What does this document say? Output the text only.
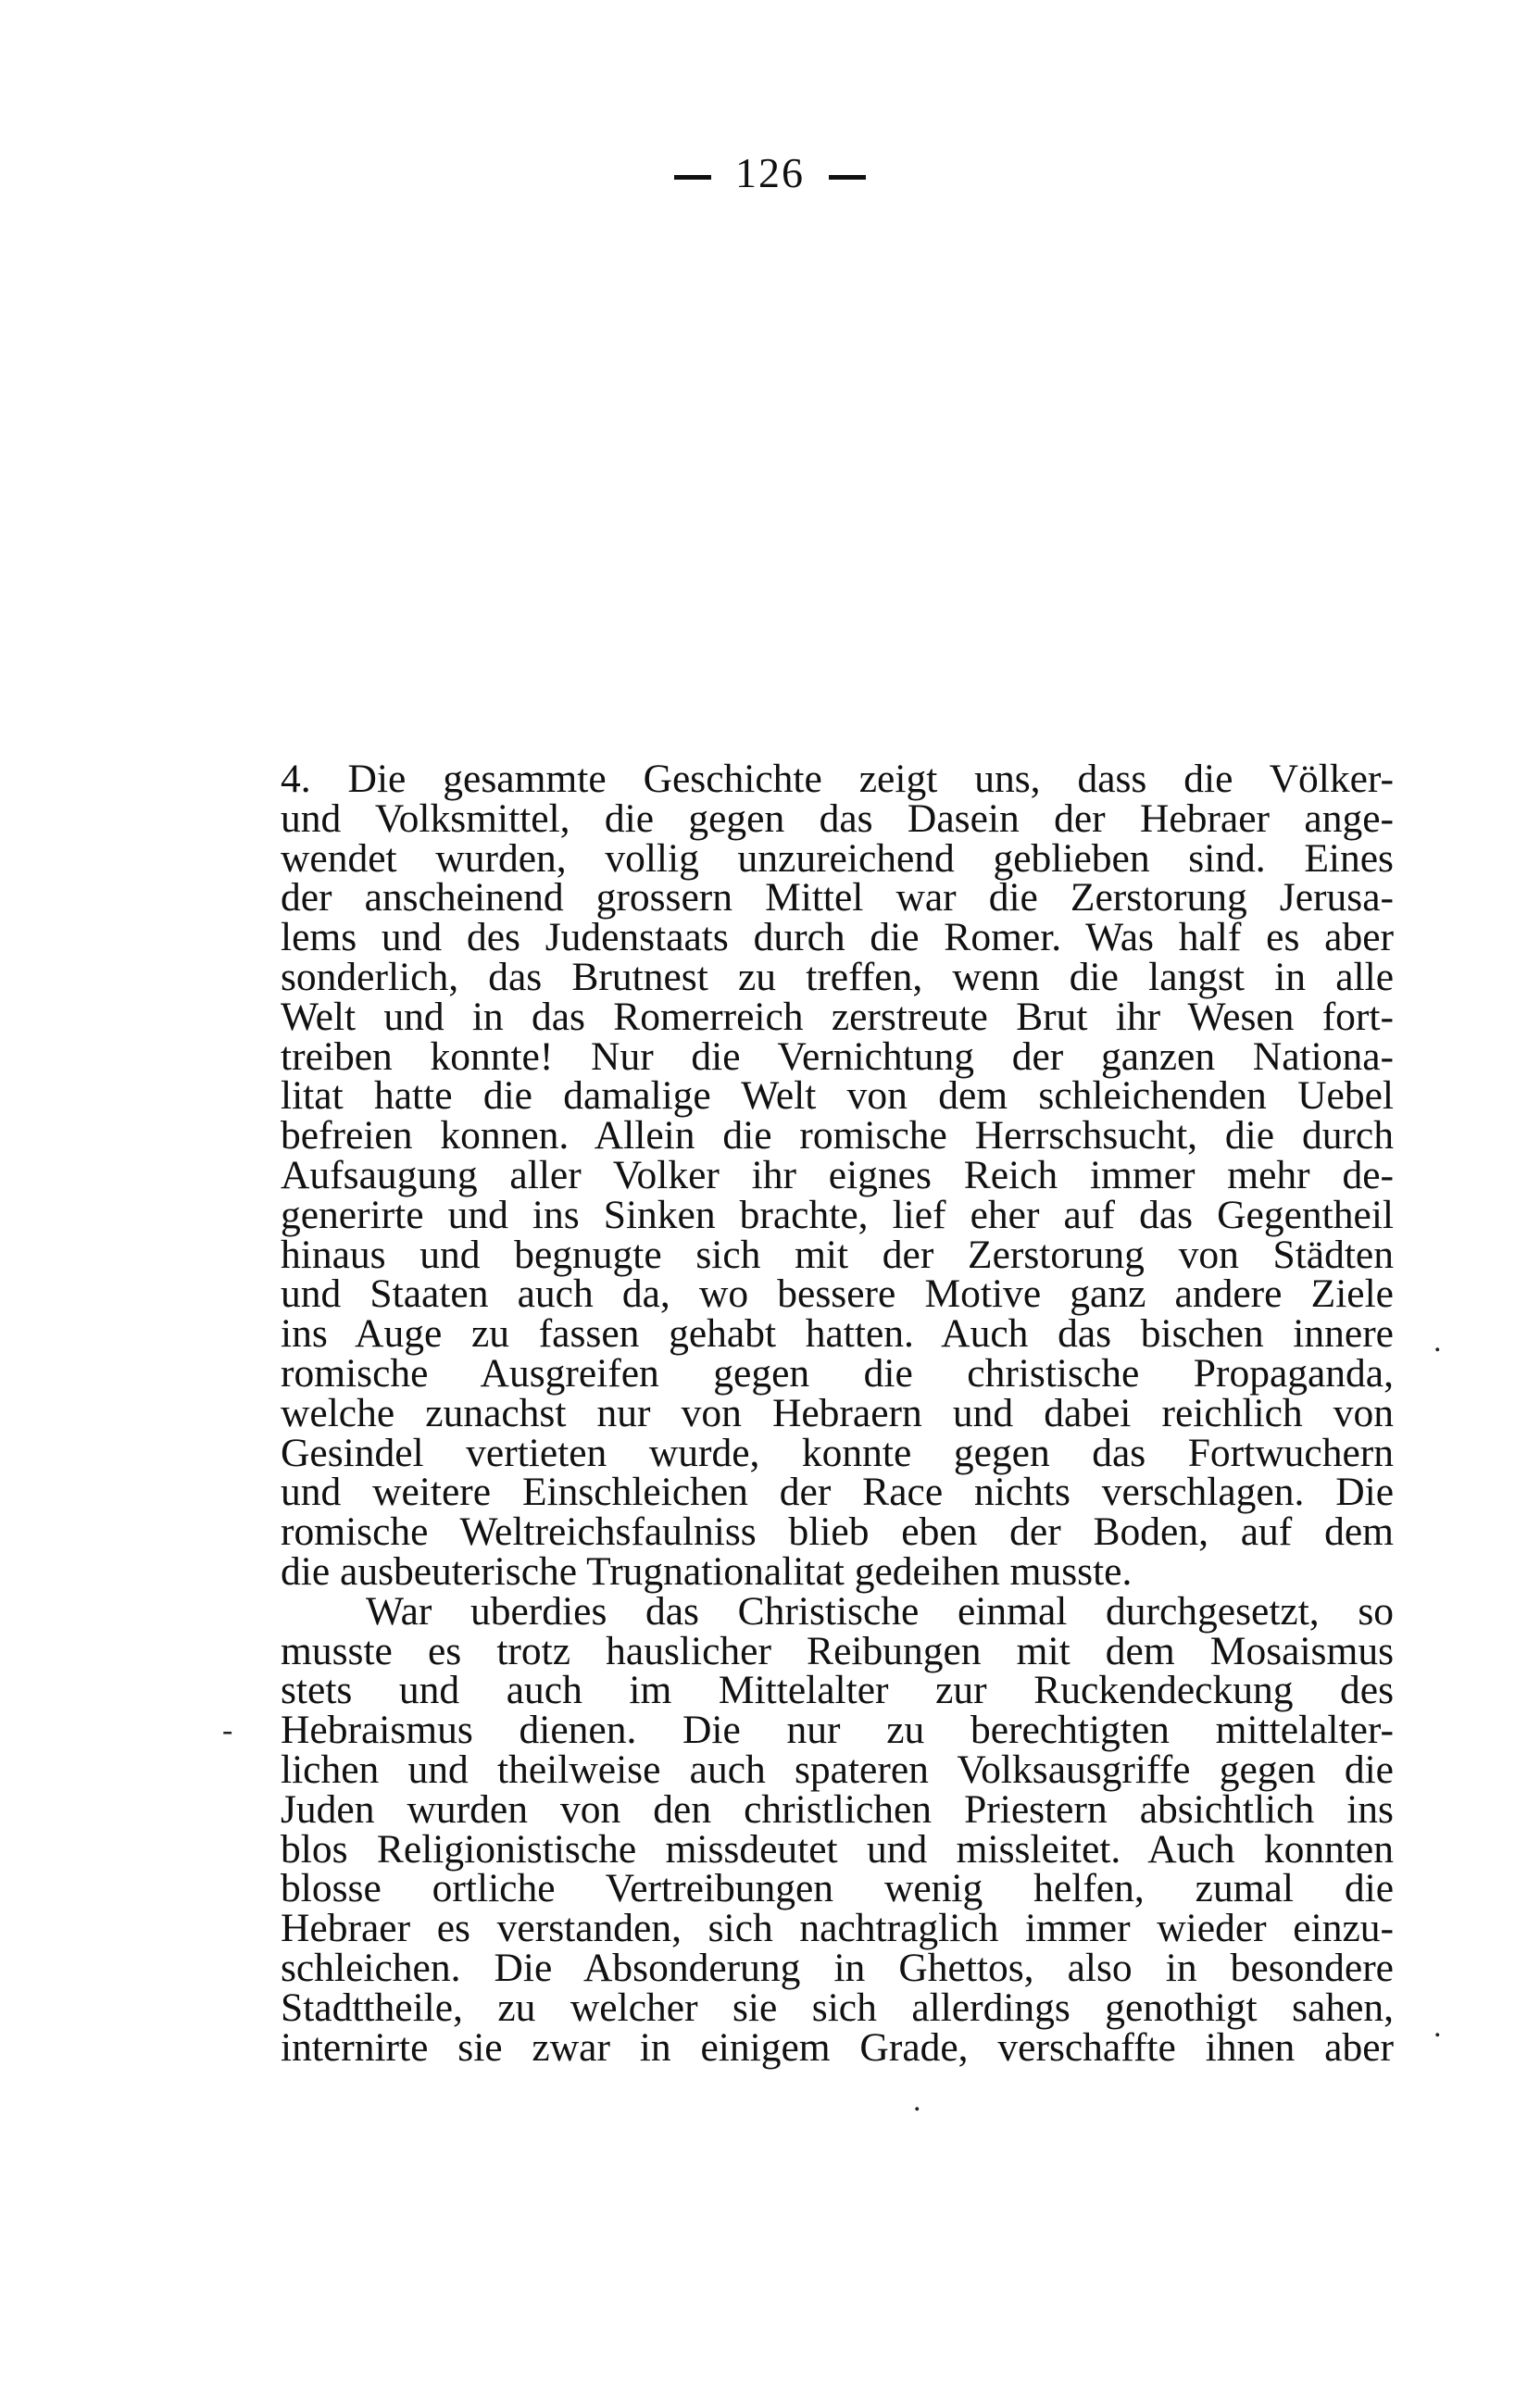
126
4. Die gesammte Geschichte zeigt uns, dass die Völker-
und Volksmittel, die gegen das Dasein der Hebraer ange-
wendet wurden, vollig unzureichend geblieben sind. Eines
der anscheinend grossern Mittel war die Zerstorung Jerusa-
lems und des Judenstaats durch die Romer. Was half es aber
sonderlich, das Brutnest zu treffen, wenn die langst in alle
Welt und in das Romerreich zerstreute Brut ihr Wesen fort-
treiben konnte! Nur die Vernichtung der ganzen Nationa-
litat hatte die damalige Welt von dem schleichenden Uebel
befreien konnen. Allein die romische Herrschsucht, die durch
Aufsaugung aller Volker ihr eignes Reich immer mehr de-
generirte und ins Sinken brachte, lief eher auf das Gegentheil
hinaus und begnugte sich mit der Zerstorung von Städten
und Staaten auch da, wo bessere Motive ganz andere Ziele
ins Auge zu fassen gehabt hatten. Auch das bischen innere
romische Ausgreifen gegen die christische Propaganda,
welche zunachst nur von Hebraern und dabei reichlich von
Gesindel vertieten wurde, konnte gegen das Fortwuchern
und weitere Einschleichen der Race nichts verschlagen. Die
romische Weltreichsfaulniss blieb eben der Boden, auf dem
die ausbeuterische Trugnationalitat gedeihen musste.
War uberdies das Christische einmal durchgesetzt, so
musste es trotz hauslicher Reibungen mit dem Mosaismus
stets und auch im Mittelalter zur Ruckendeckung des
Hebraismus dienen. Die nur zu berechtigten mittelalter-
lichen und theilweise auch spateren Volksausgriffe gegen die
Juden wurden von den christlichen Priestern absichtlich ins
blos Religionistische missdeutet und missleitet. Auch konnten
blosse ortliche Vertreibungen wenig helfen, zumal die
Hebraer es verstanden, sich nachtraglich immer wieder einzu-
schleichen. Die Absonderung in Ghettos, also in besondere
Stadttheile, zu welcher sie sich allerdings genothigt sahen,
internirte sie zwar in einigem Grade, verschaffte ihnen aber
.
.
-
.
